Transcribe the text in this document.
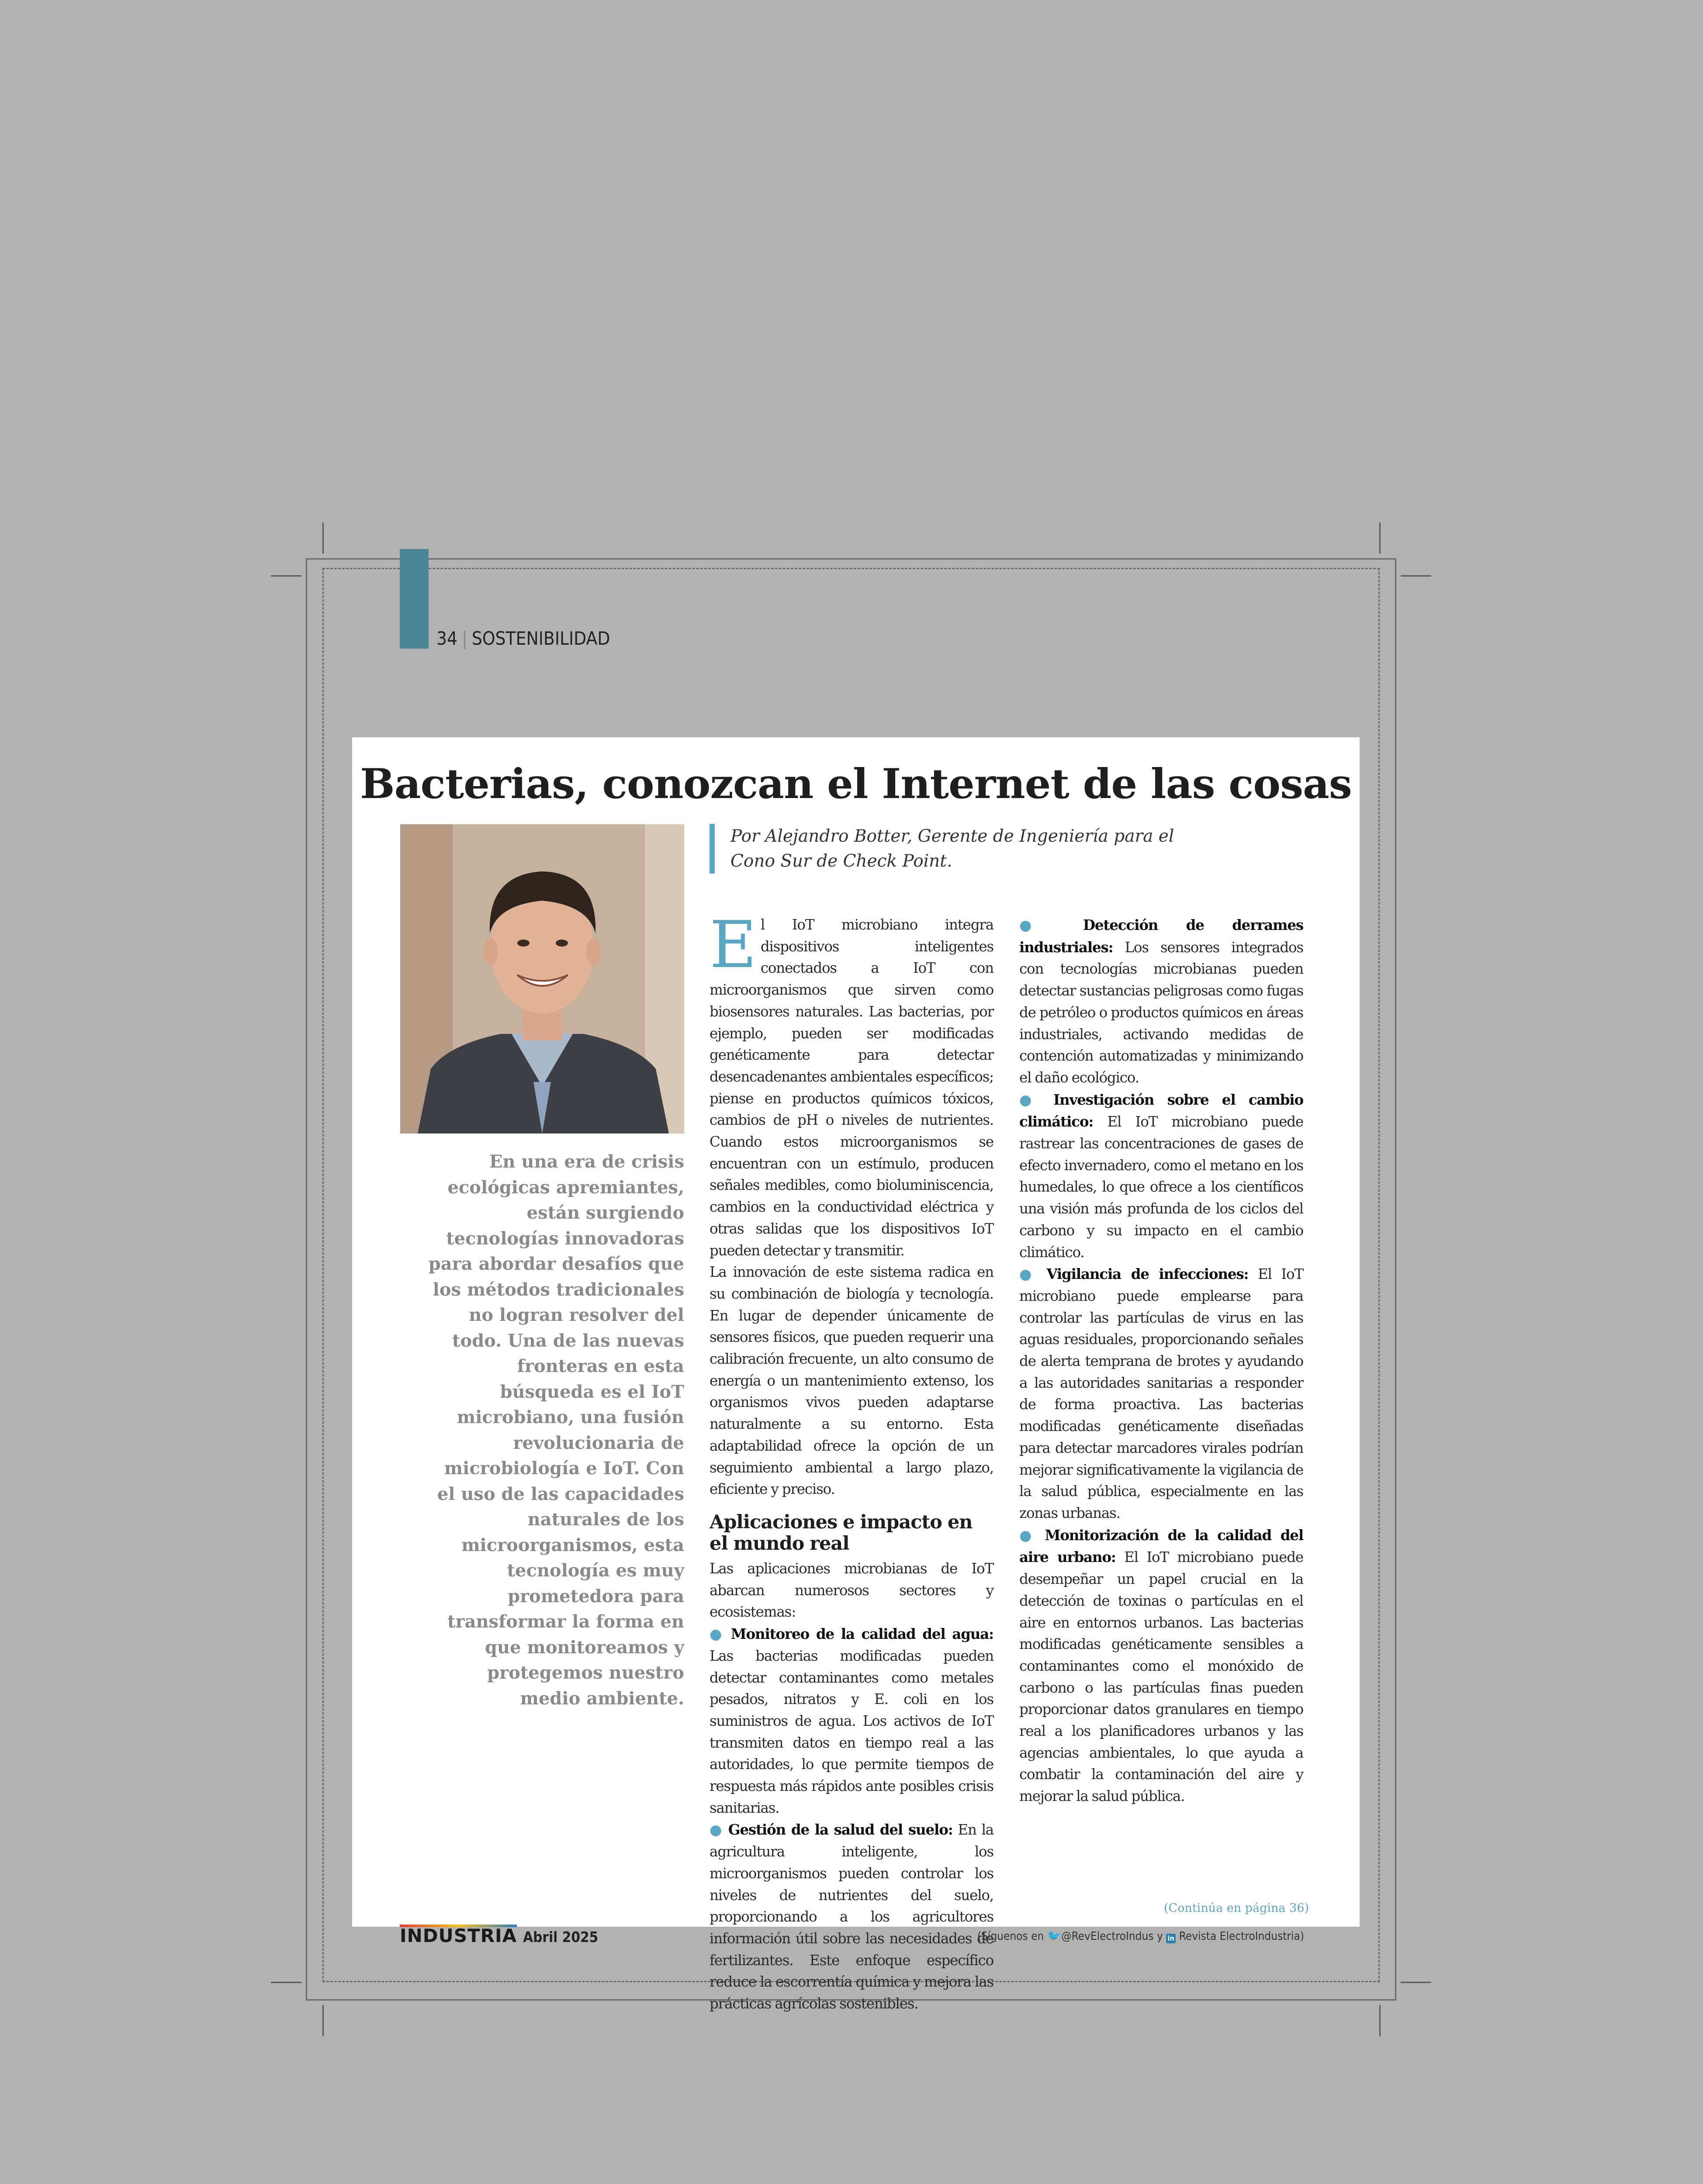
34 | SOSTENIBILIDAD
Bacterias, conozcan el Internet de las cosas
Por Alejandro Botter, Gerente de Ingeniería para el
Cono Sur de Check Point.

En una era de crisis ecológicas apremiantes, están surgiendo tecnologías innovadoras para abordar desafíos que los métodos tradicionales no logran resolver del todo. Una de las nuevas fronteras en esta búsqueda es el IoT microbiano, una fusión revolucionaria de microbiología e IoT. Con el uso de las capacidades naturales de los microorganismos, esta tecnología es muy prometedora para transformar la forma en que monitoreamos y protegemos nuestro medio ambiente.

El IoT microbiano integra dispositivos inteligentes conectados a IoT con microorganismos que sirven como biosensores naturales. Las bacterias, por ejemplo, pueden ser modificadas genéticamente para detectar desencadenantes ambientales específicos; piense en productos químicos tóxicos, cambios de pH o niveles de nutrientes. Cuando estos microorganismos se encuentran con un estímulo, producen señales medibles, como bioluminiscencia, cambios en la conductividad eléctrica y otras salidas que los dispositivos IoT pueden detectar y transmitir.

La innovación de este sistema radica en su combinación de biología y tecnología. En lugar de depender únicamente de sensores físicos, que pueden requerir una calibración frecuente, un alto consumo de energía o un mantenimiento extenso, los organismos vivos pueden adaptarse naturalmente a su entorno. Esta adaptabilidad ofrece la opción de un seguimiento ambiental a largo plazo, eficiente y preciso.

Aplicaciones e impacto en el mundo real

Las aplicaciones microbianas de IoT abarcan numerosos sectores y ecosistemas:

● Monitoreo de la calidad del agua: Las bacterias modificadas pueden detectar contaminantes como metales pesados, nitratos y E. coli en los suministros de agua. Los activos de IoT transmiten datos en tiempo real a las autoridades, lo que permite tiempos de respuesta más rápidos ante posibles crisis sanitarias.

● Gestión de la salud del suelo: En la agricultura inteligente, los microorganismos pueden controlar los niveles de nutrientes del suelo, proporcionando a los agricultores información útil sobre las necesidades de fertilizantes. Este enfoque específico reduce la escorrentía química y mejora las prácticas agrícolas sostenibles.

● Detección de derrames industriales: Los sensores integrados con tecnologías microbianas pueden detectar sustancias peligrosas como fugas de petróleo o productos químicos en áreas industriales, activando medidas de contención automatizadas y minimizando el daño ecológico.

● Investigación sobre el cambio climático: El IoT microbiano puede rastrear las concentraciones de gases de efecto invernadero, como el metano en los humedales, lo que ofrece a los científicos una visión más profunda de los ciclos del carbono y su impacto en el cambio climático.

● Vigilancia de infecciones: El IoT microbiano puede emplearse para controlar las partículas de virus en las aguas residuales, proporcionando señales de alerta temprana de brotes y ayudando a las autoridades sanitarias a responder de forma proactiva. Las bacterias modificadas genéticamente diseñadas para detectar marcadores virales podrían mejorar significativamente la vigilancia de la salud pública, especialmente en las zonas urbanas.

● Monitorización de la calidad del aire urbano: El IoT microbiano puede desempeñar un papel crucial en la detección de toxinas o partículas en el aire en entornos urbanos. Las bacterias modificadas genéticamente sensibles a contaminantes como el monóxido de carbono o las partículas finas pueden proporcionar datos granulares en tiempo real a los planificadores urbanos y las agencias ambientales, lo que ayuda a combatir la contaminación del aire y mejorar la salud pública.

(Continúa en página 36)
INDUSTRIA Abril 2025	(Síguenos en 🐦@RevElectroIndus y in Revista ElectroIndustria)
